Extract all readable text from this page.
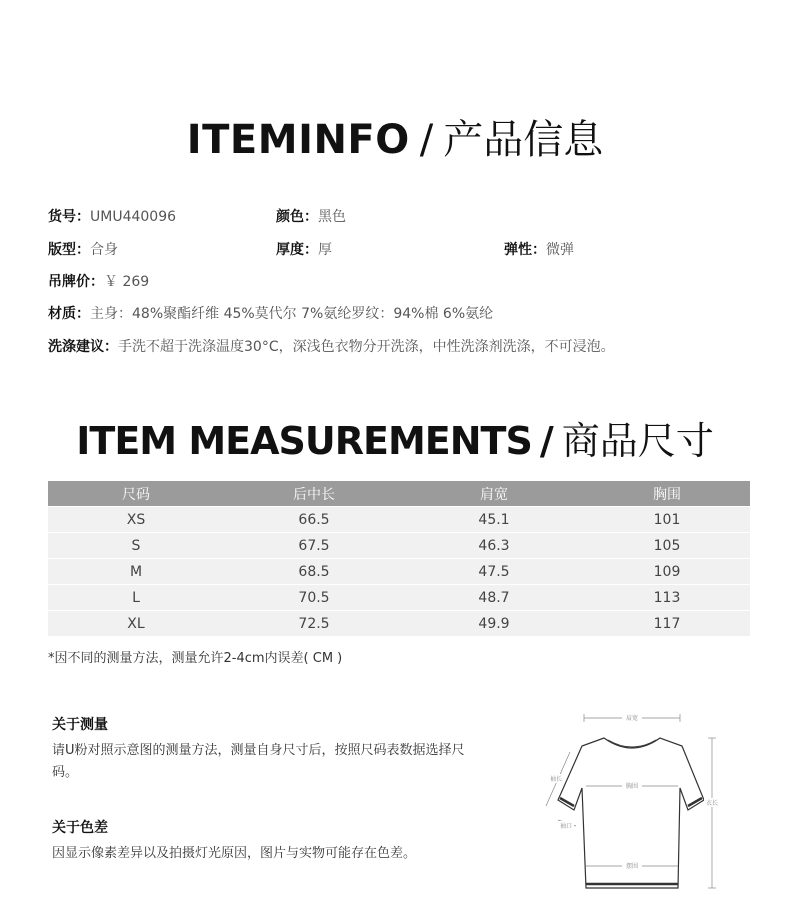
ITEMINFO / 产品信息
货号：UMU440096	颜色：黑色
版型：合身	厚度：厚	弹性：微弹
吊牌价：￥ 269
材质：主身：48%聚酯纤维 45%莫代尔 7%氨纶罗纹：94%棉 6%氨纶
洗涤建议：手洗不超于洗涤温度30°C，深浅色衣物分开洗涤，中性洗涤剂洗涤，不可浸泡。
ITEM MEASUREMENTS / 商品尺寸
尺码	后中长	肩宽	胸围
XS	66.5	45.1	101
S	67.5	46.3	105
M	68.5	47.5	109
L	70.5	48.7	113
XL	72.5	49.9	117
*因不同的测量方法，测量允许2-4cm内误差( CM )
关于测量
请U粉对照示意图的测量方法，测量自身尺寸后，按照尺码表数据选择尺码。
关于色差
因显示像素差异以及拍摄灯光原因，图片与实物可能存在色差。
肩宽
胸围
摆围
袖长
袖口
衣长
